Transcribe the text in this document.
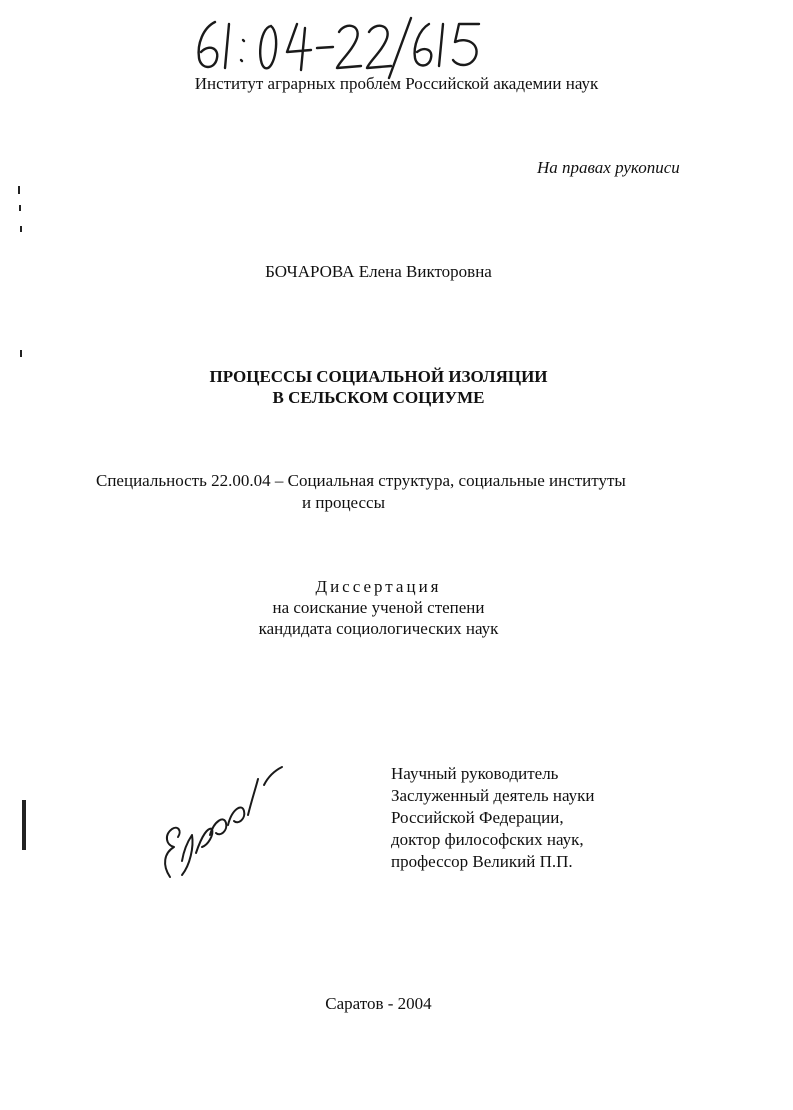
Институт аграрных проблем Российской академии наук
На правах рукописи
БОЧАРОВА Елена Викторовна
ПРОЦЕССЫ СОЦИАЛЬНОЙ ИЗОЛЯЦИИ
В СЕЛЬСКОМ СОЦИУМЕ
Специальность 22.00.04 – Социальная структура, социальные институты
и процессы
Диссертация
на соискание ученой степени
кандидата социологических наук
Научный руководитель
Заслуженный деятель науки
Российской Федерации,
доктор философских наук,
профессор Великий П.П.
Саратов - 2004
